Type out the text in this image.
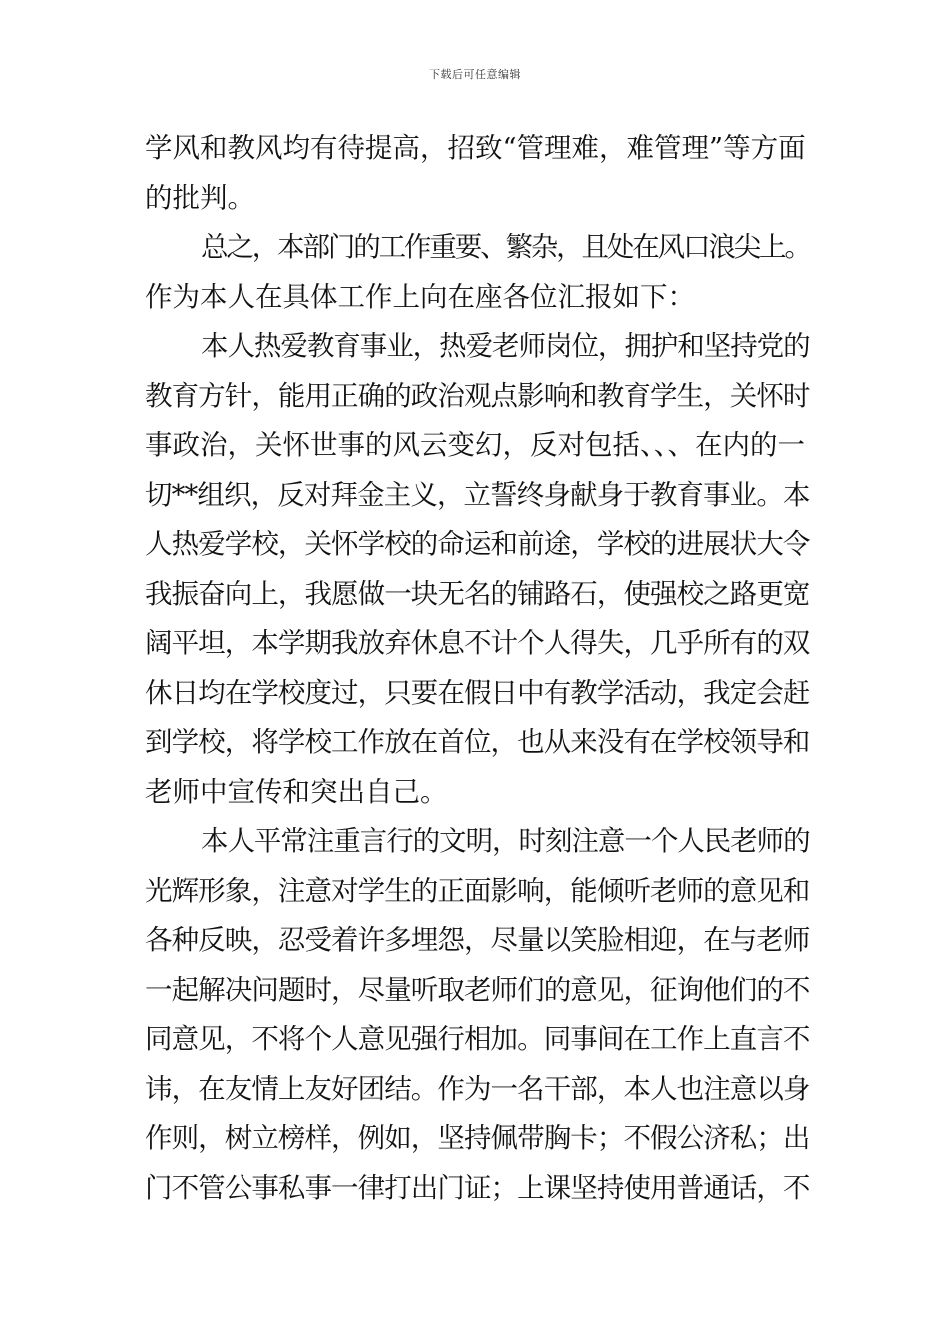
下载后可任意编辑
学风和教风均有待提高，招致“管理难，难管理”等方面
的批判。
总之，本部门的工作重要、繁杂，且处在风口浪尖上。
作为本人在具体工作上向在座各位汇报如下：
本人热爱教育事业，热爱老师岗位，拥护和坚持党的
教育方针，能用正确的政治观点影响和教育学生，关怀时
事政治，关怀世事的风云变幻，反对包括、、、在内的一
切**组织，反对拜金主义，立誓终身献身于教育事业。本
人热爱学校，关怀学校的命运和前途，学校的进展状大令
我振奋向上，我愿做一块无名的铺路石，使强校之路更宽
阔平坦，本学期我放弃休息不计个人得失，几乎所有的双
休日均在学校度过，只要在假日中有教学活动，我定会赶
到学校，将学校工作放在首位，也从来没有在学校领导和
老师中宣传和突出自己。
本人平常注重言行的文明，时刻注意一个人民老师的
光辉形象，注意对学生的正面影响，能倾听老师的意见和
各种反映，忍受着许多埋怨，尽量以笑脸相迎，在与老师
一起解决问题时，尽量听取老师们的意见，征询他们的不
同意见，不将个人意见强行相加。同事间在工作上直言不
讳，在友情上友好团结。作为一名干部，本人也注意以身
作则，树立榜样，例如，坚持佩带胸卡；不假公济私；出
门不管公事私事一律打出门证；上课坚持使用普通话，不
